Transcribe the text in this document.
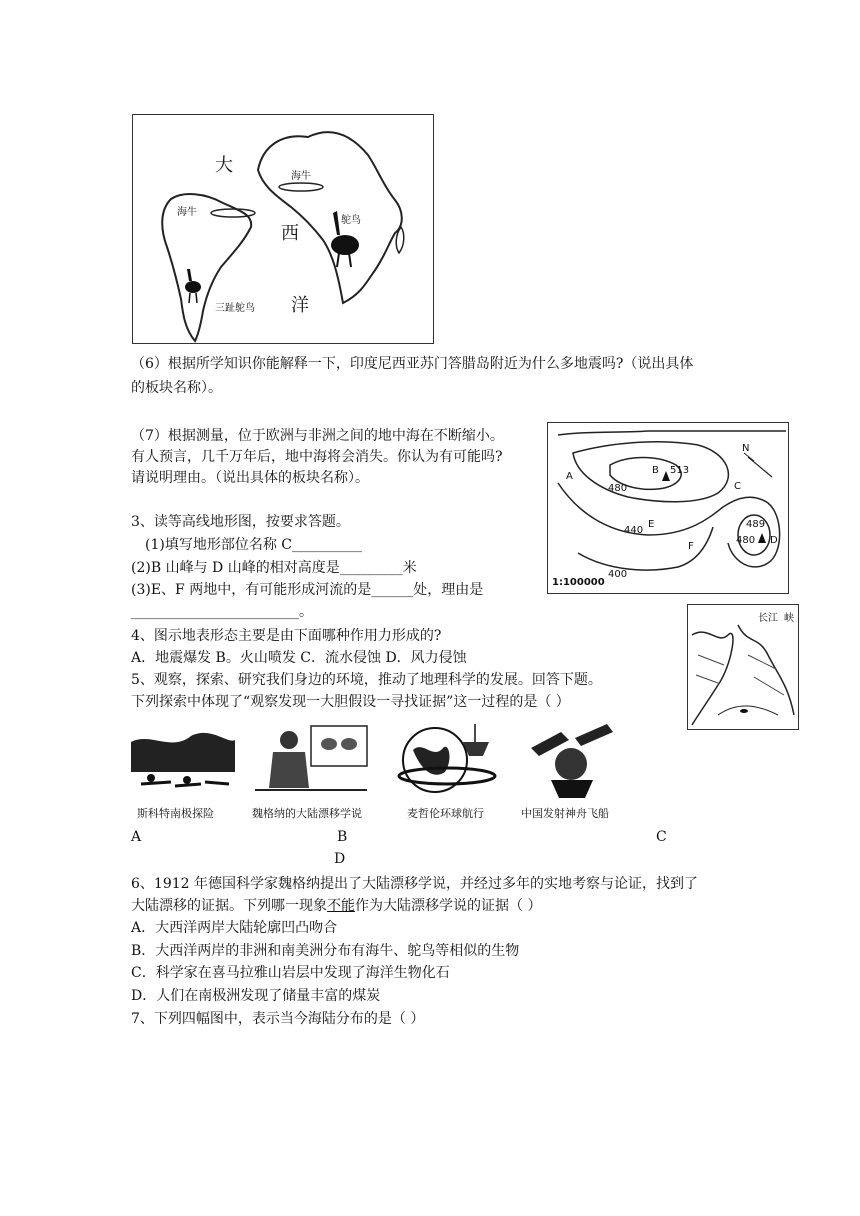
大
西
洋
海牛
海牛
鸵鸟
三趾鸵鸟
（6）根据所学知识你能解释一下，印度尼西亚苏门答腊岛附近为什么多地震吗?（说出具体
的板块名称）。
（7）根据测量，位于欧洲与非洲之间的地中海在不断缩小。
有人预言，几千万年后，地中海将会消失。你认为有可能吗?
请说明理由。（说出具体的板块名称）。	A
B
C
D
E
F
N
513
480
480
489
440
400
1:100000
3、读等高线地形图，按要求答题。
(1)填写地形部位名称 C__________
(2)B 山峰与 D 山峰的相对高度是_________米
(3)E、F 两地中，有可能形成河流的是______处，理由是
________________________。
4、图示地表形态主要是由下面哪种作用力形成的?
A．地震爆发 B。火山喷发 C．流水侵蚀 D．风力侵蚀
长江 峡
5、观察，探索、研究我们身边的环境，推动了地理科学的发展。回答下题。
下列探索中体现了“观察发现一大胆假设一寻找证据”这一过程的是（ ）
斯科特南极探险	魏格纳的大陆漂移学说	麦哲伦环球航行	中国发射神舟飞船
A	B	C
D
6、1912 年德国科学家魏格纳提出了大陆漂移学说，并经过多年的实地考察与论证，找到了
大陆漂移的证据。下列哪一现象不能作为大陆漂移学说的证据（ ）
A．大西洋两岸大陆轮廓凹凸吻合
B．大西洋两岸的非洲和南美洲分布有海牛、鸵鸟等相似的生物
C．科学家在喜马拉雅山岩层中发现了海洋生物化石
D．人们在南极洲发现了储量丰富的煤炭
7、下列四幅图中，表示当今海陆分布的是（ ）
